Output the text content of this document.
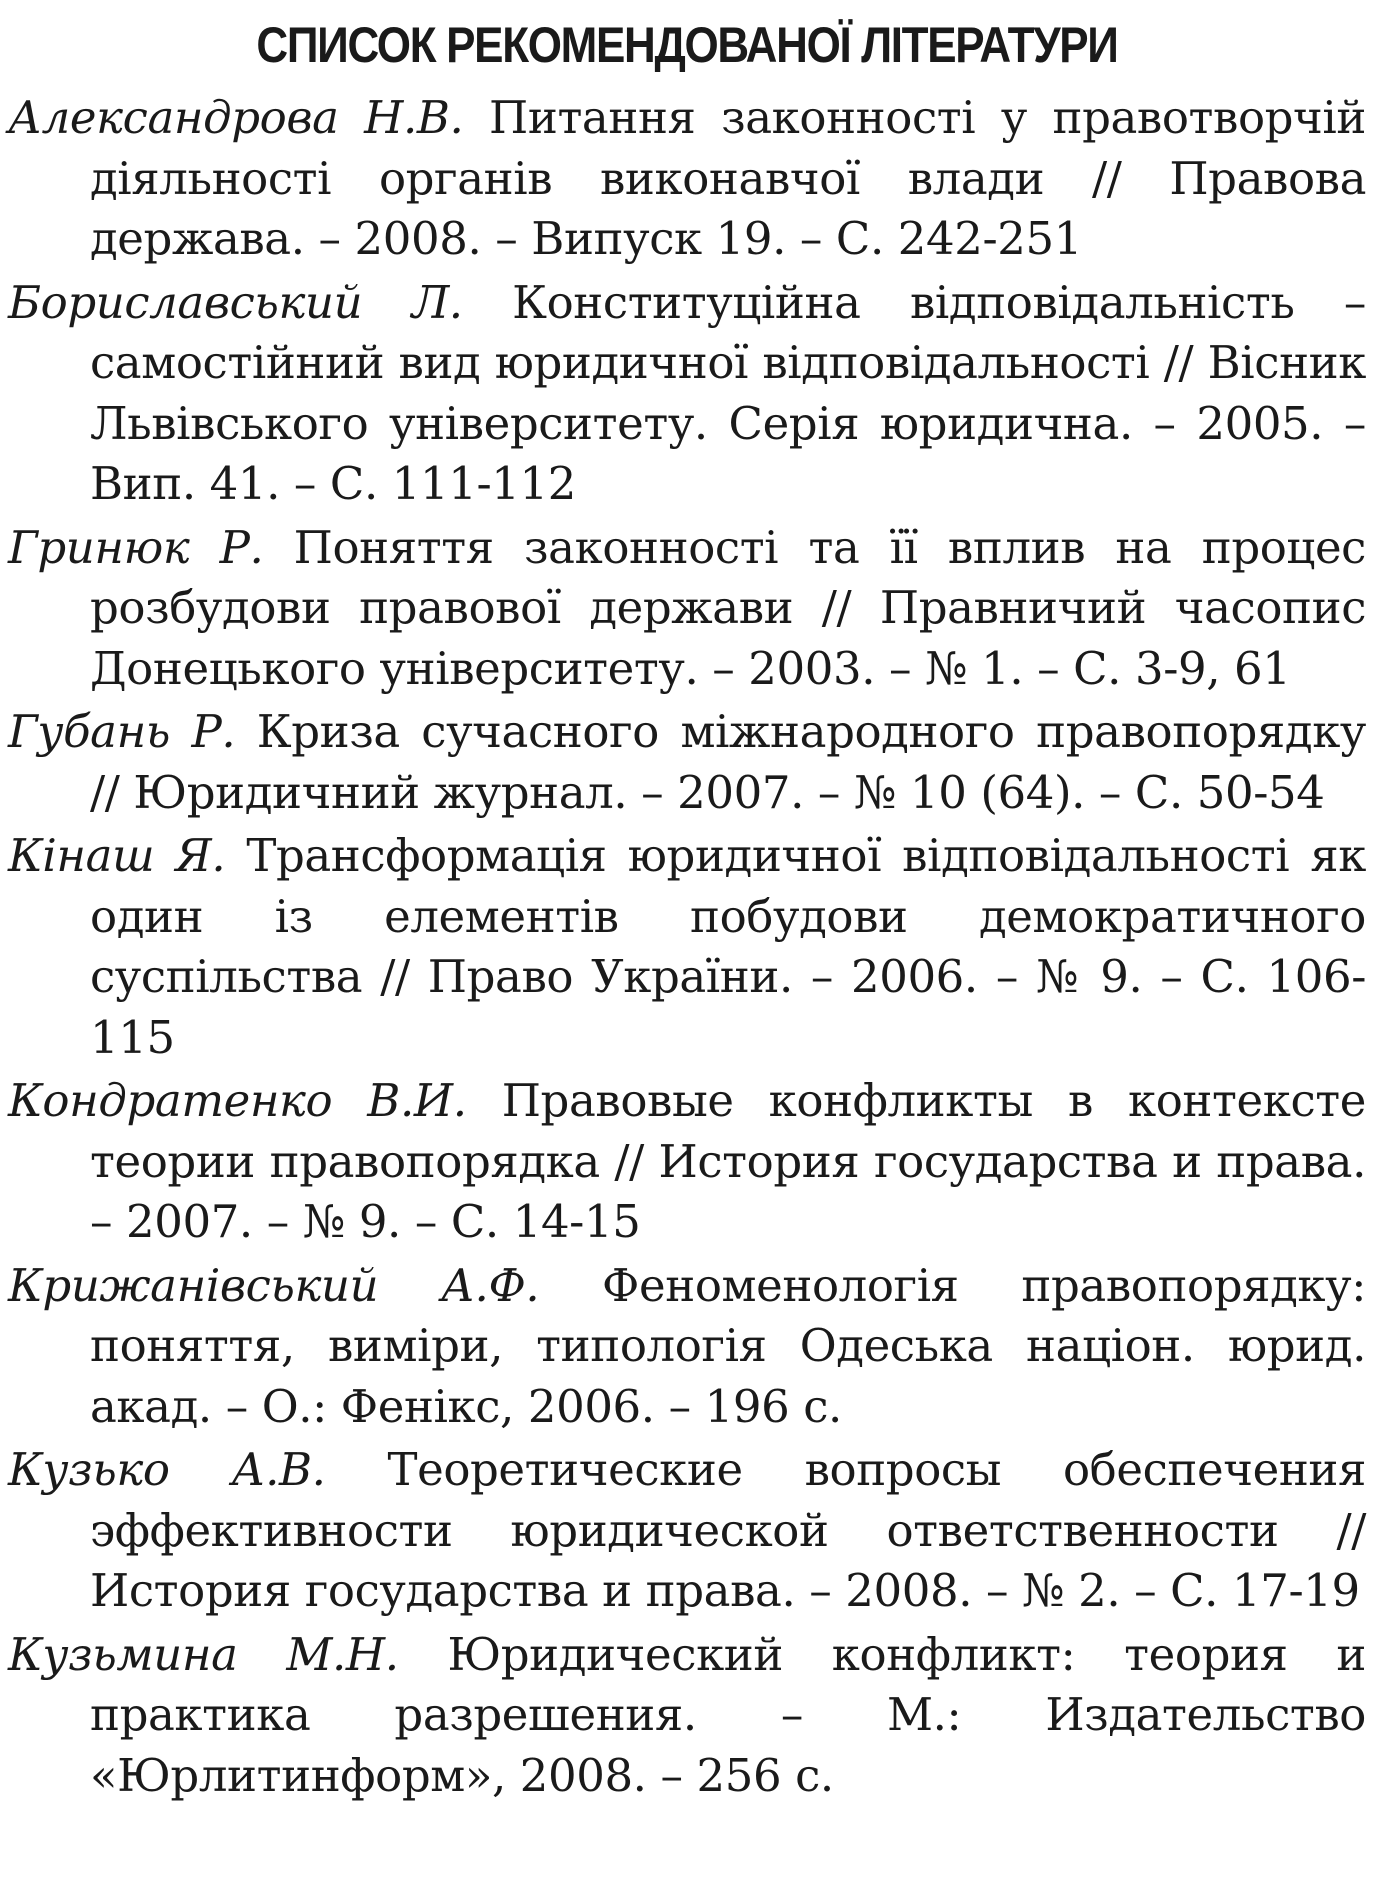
СПИСОК РЕКОМЕНДОВАНОЇ ЛІТЕРАТУРИ
Александрова Н.В. Питання законності у правотворчій діяльності органів виконавчої влади // Правова держава. – 2008. – Випуск 19. – С. 242-251
Бориславський Л. Конституційна відповідальність – самостійний вид юридичної відповідальності // Вісник Львівського університету. Серія юридична. – 2005. – Вип. 41. – С. 111-112
Гринюк Р. Поняття законності та її вплив на процес розбудови правової держави // Правничий часопис Донецького університету. – 2003. – № 1. – С. 3-9, 61
Губань Р. Криза сучасного міжнародного правопорядку // Юридичний журнал. – 2007. – № 10 (64). – С. 50-54
Кінаш Я. Трансформація юридичної відповідальності як один із елементів побудови демократичного суспільства // Право України. – 2006. – № 9. – С. 106-115
Кондратенко В.И. Правовые конфликты в контексте теории правопорядка // История государства и права. – 2007. – № 9. – С. 14-15
Крижанівський А.Ф. Феноменологія правопорядку: поняття, виміри, типологія Одеська націон. юрид. акад. – О.: Фенікс, 2006. – 196 с.
Кузько А.В. Теоретические вопросы обеспечения эффективности юридической ответственности // История государства и права. – 2008. – № 2. – С. 17-19
Кузьмина М.Н. Юридический конфликт: теория и практика разрешения. – М.: Издательство «Юрлитинформ», 2008. – 256 с.
